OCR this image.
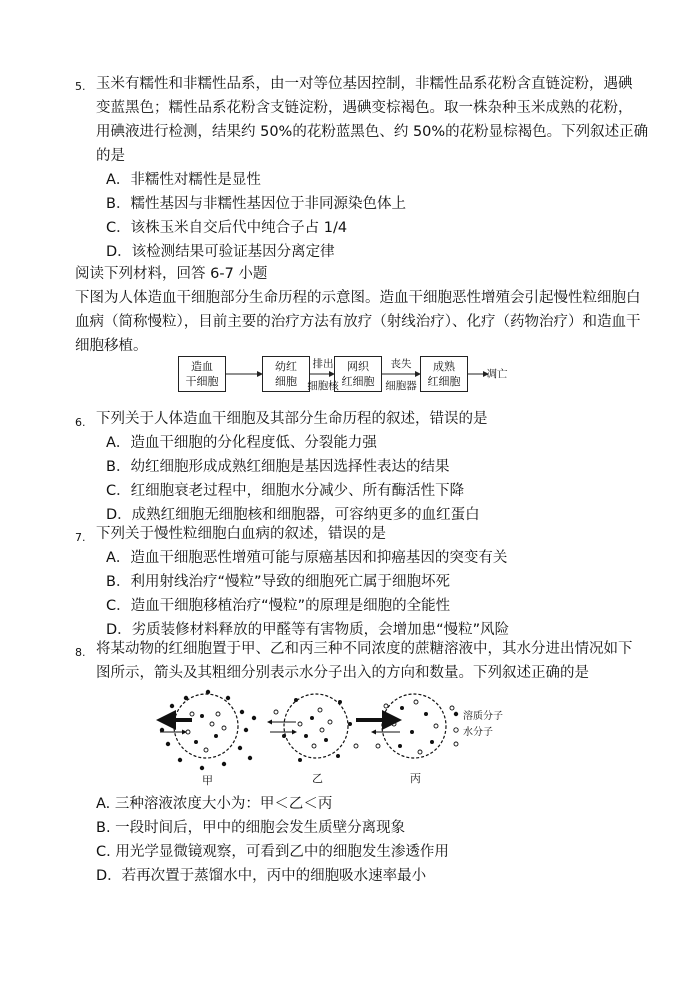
5. 玉米有糯性和非糯性品系，由一对等位基因控制，非糯性品系花粉含直链淀粉，遇碘
变蓝黑色；糯性品系花粉含支链淀粉，遇碘变棕褐色。取一株杂种玉米成熟的花粉，
用碘液进行检测，结果约 50%的花粉蓝黑色、约 50%的花粉显棕褐色。下列叙述正确
的是
A．非糯性对糯性是显性
B．糯性基因与非糯性基因位于非同源染色体上
C．该株玉米自交后代中纯合子占 1/4
D．该检测结果可验证基因分离定律
阅读下列材料，回答 6-7 小题
下图为人体造血干细胞部分生命历程的示意图。造血干细胞恶性增殖会引起慢性粒细胞白
血病（简称慢粒），目前主要的治疗方法有放疗（射线治疗）、化疗（药物治疗）和造血干
细胞移植。
造血
干细胞
幼红
细胞
网织
红细胞
成熟
红细胞
排出
细胞核
丧失
细胞器
凋亡
6. 下列关于人体造血干细胞及其部分生命历程的叙述，错误的是
A．造血干细胞的分化程度低、分裂能力强
B．幼红细胞形成成熟红细胞是基因选择性表达的结果
C．红细胞衰老过程中，细胞水分减少、所有酶活性下降
D．成熟红细胞无细胞核和细胞器，可容纳更多的血红蛋白
7. 下列关于慢性粒细胞白血病的叙述，错误的是
A．造血干细胞恶性增殖可能与原癌基因和抑癌基因的突变有关
B．利用射线治疗“慢粒”导致的细胞死亡属于细胞坏死
C．造血干细胞移植治疗“慢粒”的原理是细胞的全能性
D．劣质装修材料释放的甲醛等有害物质，会增加患“慢粒”风险
8. 将某动物的红细胞置于甲、乙和丙三种不同浓度的蔗糖溶液中，其水分进出情况如下
图所示，箭头及其粗细分别表示水分子出入的方向和数量。下列叙述正确的是
溶质分子
水分子
甲	乙	丙
A. 三种溶液浓度大小为：甲＜乙＜丙
B. 一段时间后，甲中的细胞会发生质壁分离现象
C. 用光学显微镜观察，可看到乙中的细胞发生渗透作用
D．若再次置于蒸馏水中，丙中的细胞吸水速率最小
